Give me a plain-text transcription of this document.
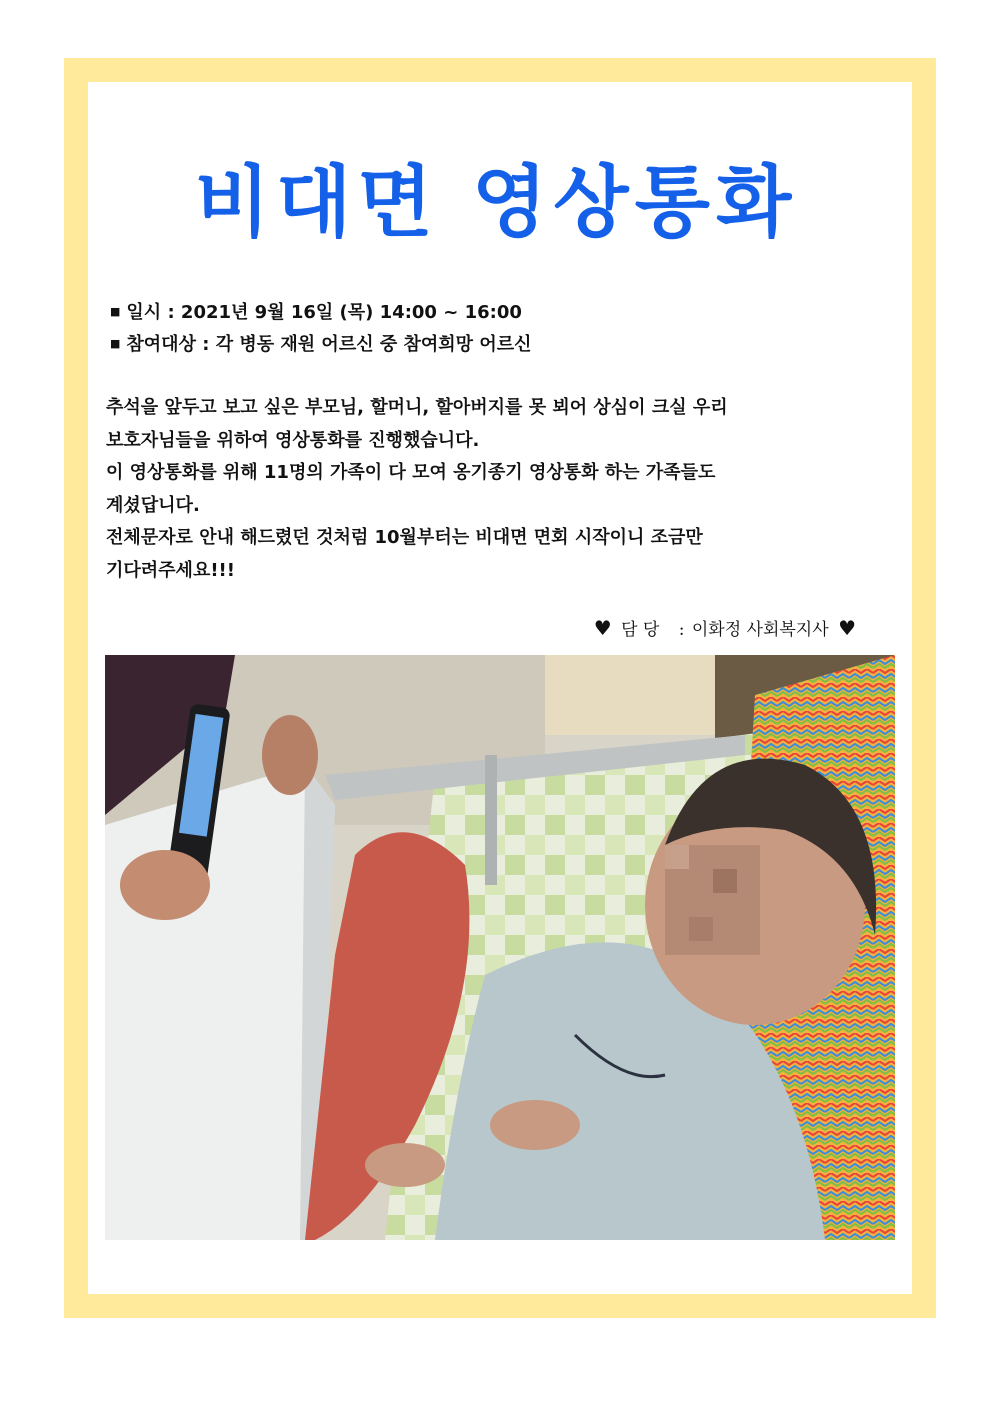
비대면 영상통화
■ 일시 : 2021년 9월 16일 (목) 14:00 ~ 16:00
■ 참여대상 : 각 병동 재원 어르신 중 참여희망 어르신
추석을 앞두고 보고 싶은 부모님, 할머니, 할아버지를 못 뵈어 상심이 크실 우리
보호자님들을 위하여 영상통화를 진행했습니다.
이 영상통화를 위해 11명의 가족이 다 모여 옹기종기 영상통화 하는 가족들도
계셨답니다.
전체문자로 안내 해드렸던 것처럼 10월부터는 비대면 면회 시작이니 조금만
기다려주세요!!!
♥ 담 당 : 이화정 사회복지사 ♥
